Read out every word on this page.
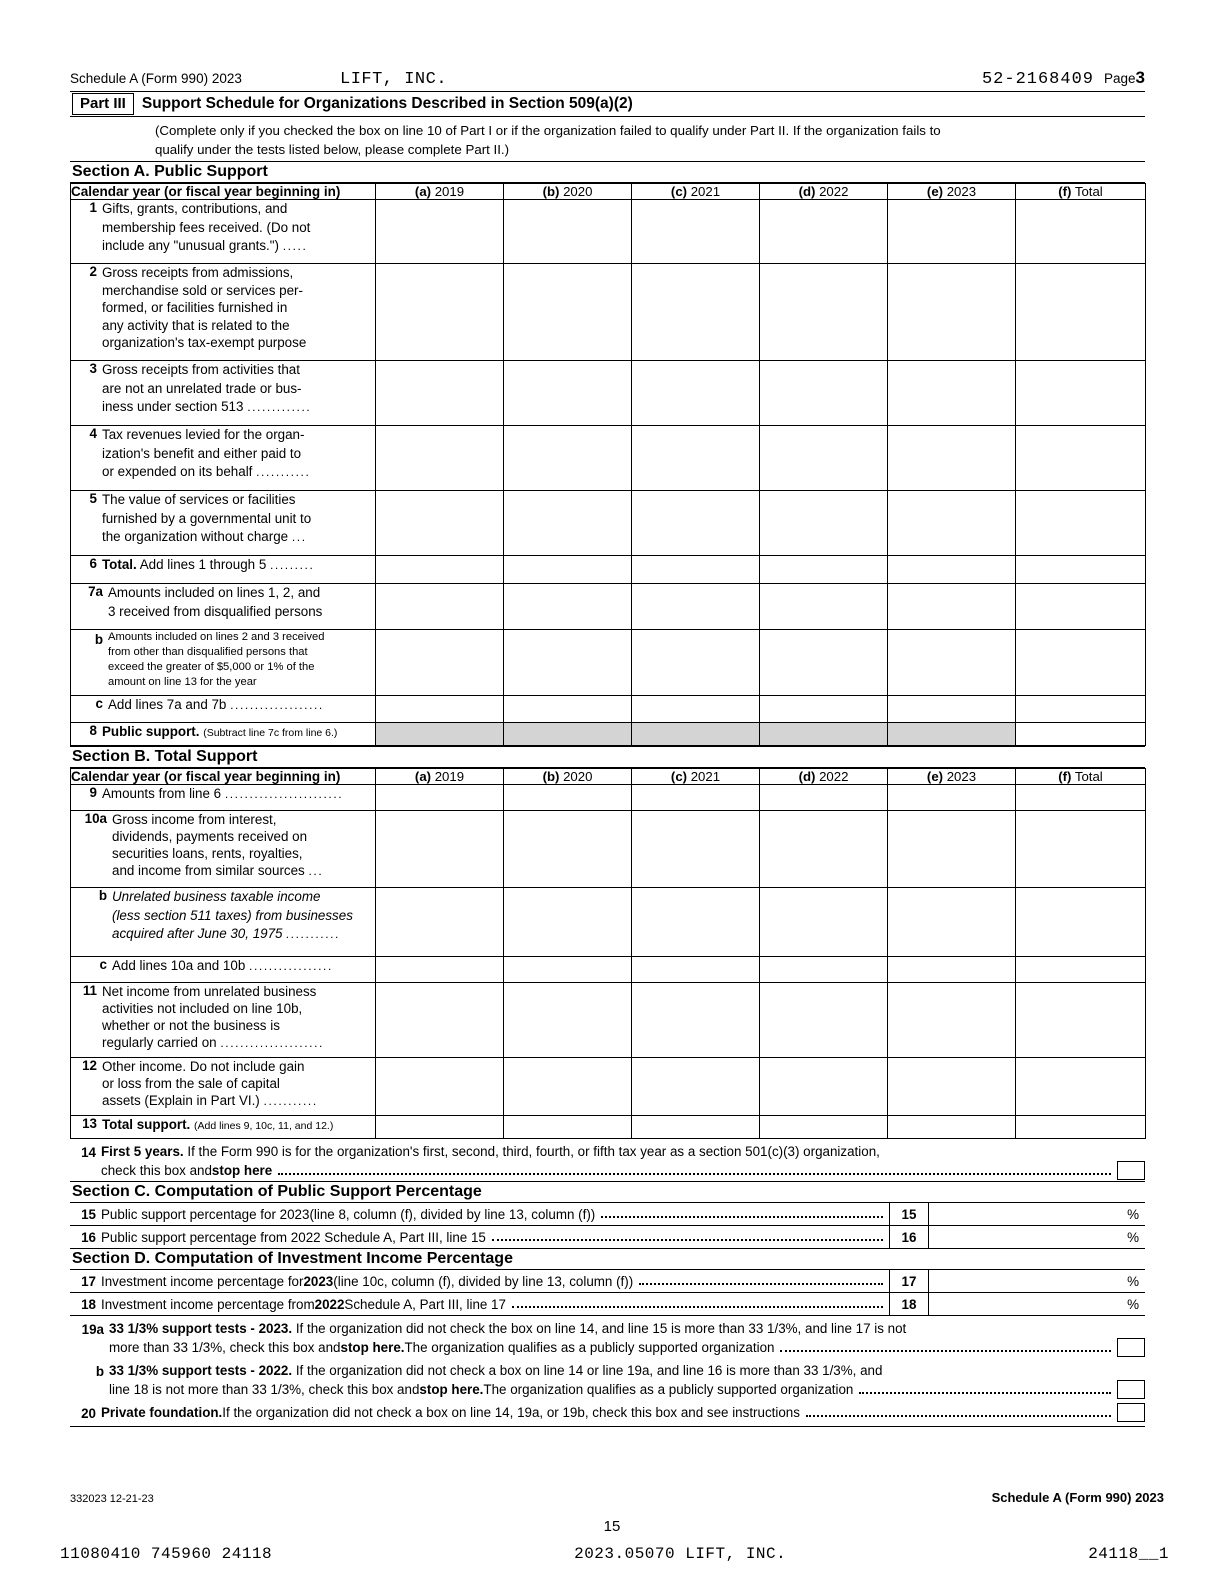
Schedule A (Form 990) 2023	LIFT, INC.	52-2168409 Page 3
Part III	Support Schedule for Organizations Described in Section 509(a)(2)
(Complete only if you checked the box on line 10 of Part I or if the organization failed to qualify under Part II. If the organization fails to
qualify under the tests listed below, please complete Part II.)
Section A. Public Support
Calendar year (or fiscal year beginning in)	(a) 2019	(b) 2020	(c) 2021	(d) 2022	(e) 2023	(f) Total

1 Gifts, grants, contributions, and
membership fees received. (Do not
include any "unusual grants.") .....						

2 Gross receipts from admissions,
merchandise sold or services per-
formed, or facilities furnished in
any activity that is related to the
organization's tax-exempt purpose

3 Gross receipts from activities that
are not an unrelated trade or bus-
iness under section 513 .............						

4 Tax revenues levied for the organ-
ization's benefit and either paid to
or expended on its behalf ...........						

5 The value of services or facilities
furnished by a governmental unit to
the organization without charge ...						

6 Total. Add lines 1 through 5 .........						

7a Amounts included on lines 1, 2, and
3 received from disqualified persons						

b Amounts included on lines 2 and 3 received
from other than disqualified persons that
exceed the greater of $5,000 or 1% of the
amount on line 13 for the year						

c Add lines 7a and 7b ...................						

8 Public support. (Subtract line 7c from line 6.)						

Section B. Total Support
Calendar year (or fiscal year beginning in)	(a) 2019	(b) 2020	(c) 2021	(d) 2022	(e) 2023	(f) Total

9 Amounts from line 6 ........................						

10a Gross income from interest,
dividends, payments received on
securities loans, rents, royalties,
and income from similar sources ...						

b Unrelated business taxable income
(less section 511 taxes) from businesses
acquired after June 30, 1975 ...........						

c Add lines 10a and 10b .................						

11 Net income from unrelated business
activities not included on line 10b,
whether or not the business is
regularly carried on .....................						

12 Other income. Do not include gain
or loss from the sale of capital
assets (Explain in Part VI.) ...........						

13 Total support. (Add lines 9, 10c, 11, and 12.)						

14 First 5 years. If the Form 990 is for the organization's first, second, third, fourth, or fifth tax year as a section 501(c)(3) organization,
check this box and stop here
Section C. Computation of Public Support Percentage
15 Public support percentage for 2023 (line 8, column (f), divided by line 13, column (f))	15	%
16 Public support percentage from 2022 Schedule A, Part III, line 15	16	%
Section D. Computation of Investment Income Percentage
17 Investment income percentage for 2023 (line 10c, column (f), divided by line 13, column (f))	17	%
18 Investment income percentage from 2022 Schedule A, Part III, line 17	18	%
19a 33 1/3% support tests - 2023. If the organization did not check the box on line 14, and line 15 is more than 33 1/3%, and line 17 is not
more than 33 1/3%, check this box and stop here. The organization qualifies as a publicly supported organization
b 33 1/3% support tests - 2022. If the organization did not check a box on line 14 or line 19a, and line 16 is more than 33 1/3%, and
line 18 is not more than 33 1/3%, check this box and stop here. The organization qualifies as a publicly supported organization
20 Private foundation. If the organization did not check a box on line 14, 19a, or 19b, check this box and see instructions
332023 12-21-23	Schedule A (Form 990) 2023
15
11080410 745960 24118	2023.05070 LIFT, INC.	24118__1
